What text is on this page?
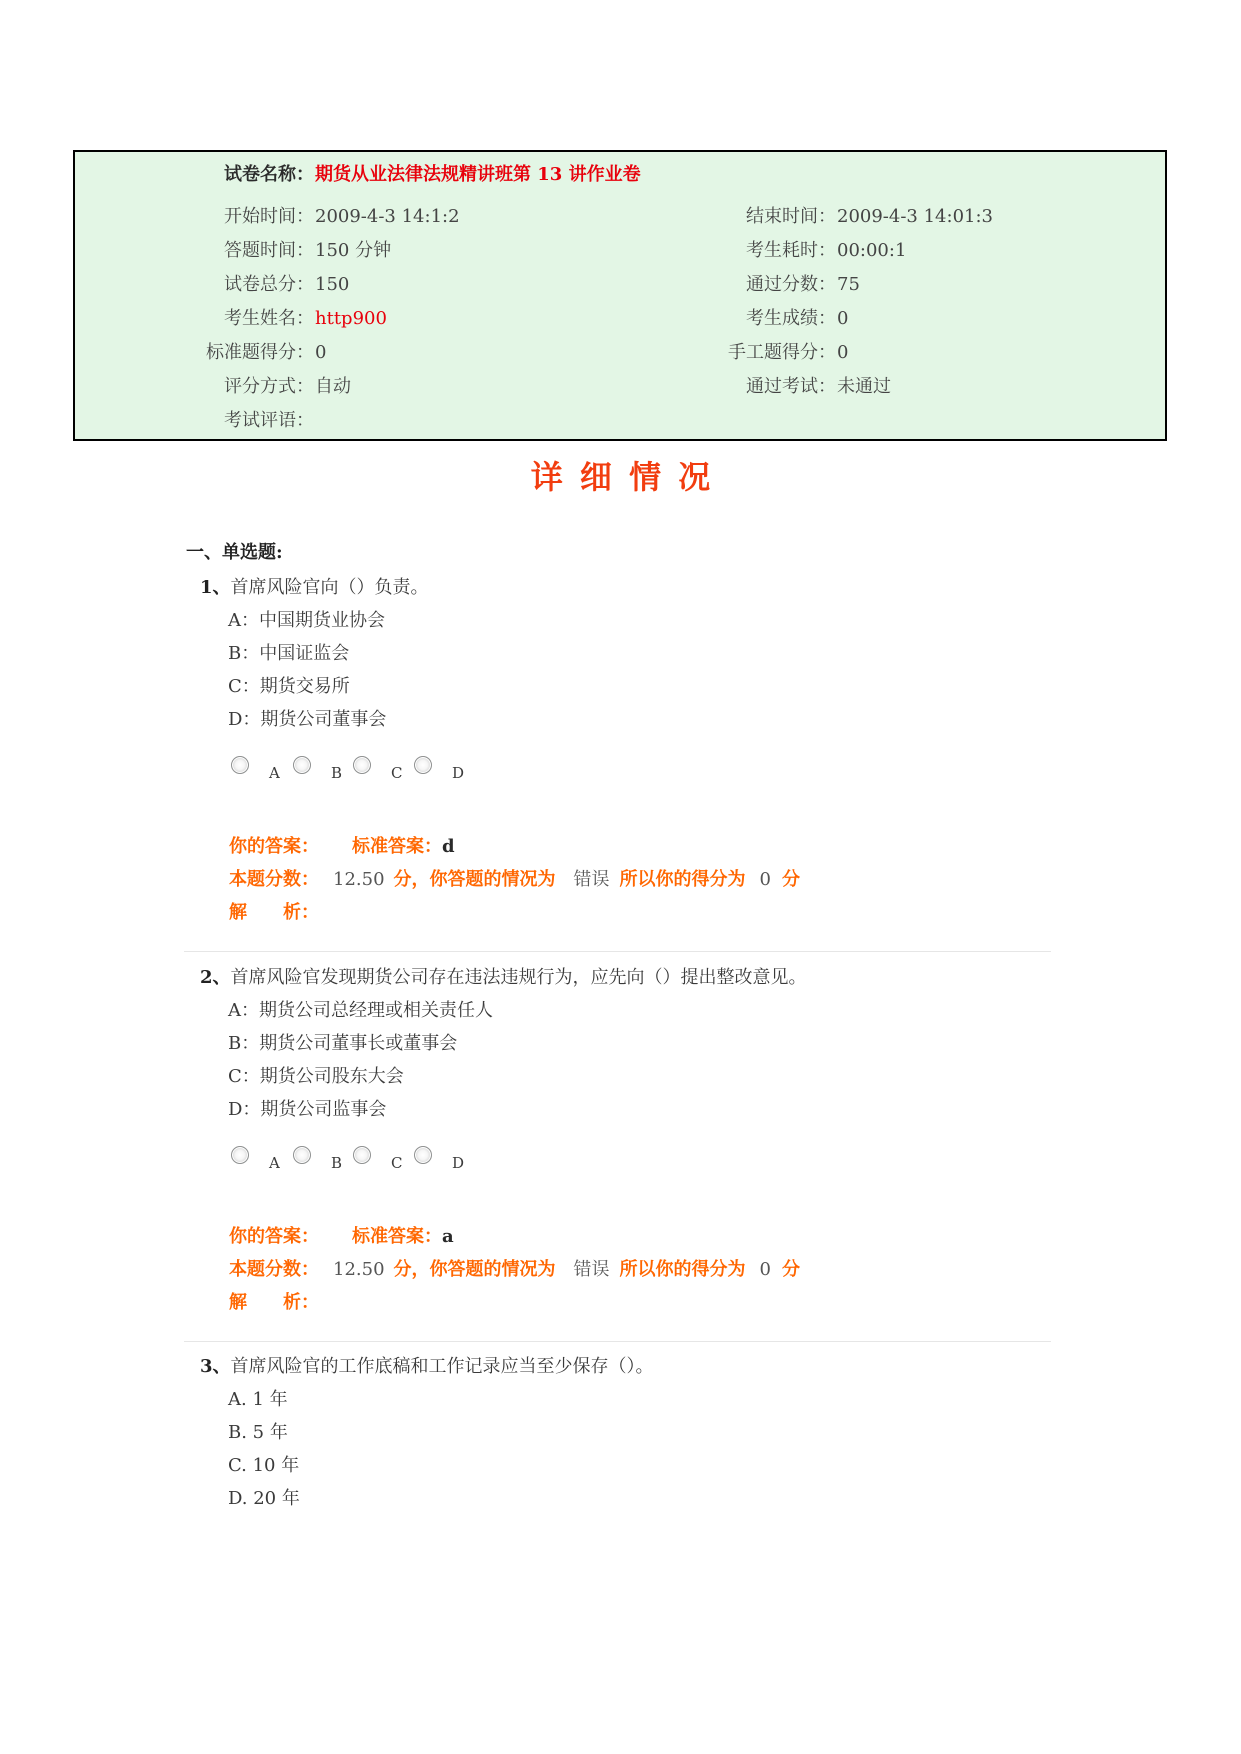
试卷名称： 期货从业法律法规精讲班第 13 讲作业卷
开始时间： 2009-4-3 14:1:2	结束时间： 2009-4-3 14:01:3
答题时间： 150 分钟	考生耗时： 00:00:1
试卷总分： 150	通过分数： 75
考生姓名： http900	考生成绩： 0
标准题得分： 0	手工题得分： 0
评分方式： 自动	通过考试： 未通过
考试评语：
详 细 情 况
一、单选题:
1、首席风险官向（）负责。
A：中国期货业协会
B：中国证监会
C：期货交易所
D：期货公司董事会
A	B	C	D
你的答案： 标准答案：d
本题分数： 12.50 分，你答题的情况为 错误 所以你的得分为 0 分
解　　析：
2、首席风险官发现期货公司存在违法违规行为，应先向（）提出整改意见。
A：期货公司总经理或相关责任人
B：期货公司董事长或董事会
C：期货公司股东大会
D：期货公司监事会
A	B	C	D
你的答案： 标准答案：a
本题分数： 12.50 分，你答题的情况为 错误 所以你的得分为 0 分
解　　析：
3、首席风险官的工作底稿和工作记录应当至少保存（）。
A. 1 年
B. 5 年
C. 10 年
D. 20 年
